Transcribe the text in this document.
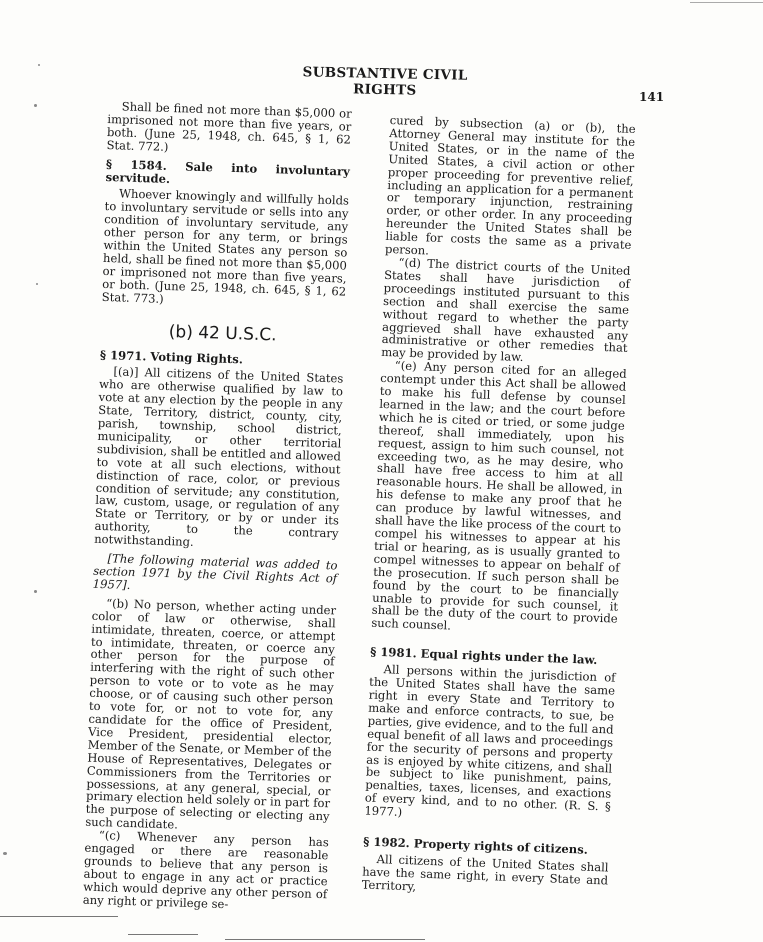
SUBSTANTIVE CIVIL RIGHTS	141

Shall be fined not more than $5,000 or imprisoned not more than five years, or both. (June 25, 1948, ch. 645, § 1, 62 Stat. 772.)

§ 1584. Sale into involuntary servitude.

Whoever knowingly and willfully holds to involuntary servitude or sells into any condition of involuntary servitude, any other person for any term, or brings within the United States any person so held, shall be fined not more than $5,000 or imprisoned not more than five years, or both. (June 25, 1948, ch. 645, § 1, 62 Stat. 773.)

(b) 42 U.S.C.

§ 1971. Voting Rights.

[(a)] All citizens of the United States who are otherwise qualified by law to vote at any election by the people in any State, Territory, district, county, city, parish, township, school district, municipality, or other territorial subdivision, shall be entitled and allowed to vote at all such elections, without distinction of race, color, or previous condition of servitude; any constitution, law, custom, usage, or regulation of any State or Territory, or by or under its authority, to the contrary notwithstanding.

[The following material was added to section 1971 by the Civil Rights Act of 1957].

“(b) No person, whether acting under color of law or otherwise, shall intimidate, threaten, coerce, or attempt to intimidate, threaten, or coerce any other person for the purpose of interfering with the right of such other person to vote or to vote as he may choose, or of causing such other person to vote for, or not to vote for, any candidate for the office of President, Vice President, presidential elector, Member of the Senate, or Member of the House of Representatives, Delegates or Commissioners from the Territories or possessions, at any general, special, or primary election held solely or in part for the purpose of selecting or electing any such candidate.

“(c) Whenever any person has engaged or there are reasonable grounds to believe that any person is about to engage in any act or practice which would deprive any other person of any right or privilege se-

cured by subsection (a) or (b), the Attorney General may institute for the United States, or in the name of the United States, a civil action or other proper proceeding for preventive relief, including an application for a permanent or temporary injunction, restraining order, or other order. In any proceeding hereunder the United States shall be liable for costs the same as a private person.

“(d) The district courts of the United States shall have jurisdiction of proceedings instituted pursuant to this section and shall exercise the same without regard to whether the party aggrieved shall have exhausted any administrative or other remedies that may be provided by law.

“(e) Any person cited for an alleged contempt under this Act shall be allowed to make his full defense by counsel learned in the law; and the court before which he is cited or tried, or some judge thereof, shall immediately, upon his request, assign to him such counsel, not exceeding two, as he may desire, who shall have free access to him at all reasonable hours. He shall be allowed, in his defense to make any proof that he can produce by lawful witnesses, and shall have the like process of the court to compel his witnesses to appear at his trial or hearing, as is usually granted to compel witnesses to appear on behalf of the prosecution. If such person shall be found by the court to be financially unable to provide for such counsel, it shall be the duty of the court to provide such counsel.

§ 1981. Equal rights under the law.

All persons within the jurisdiction of the United States shall have the same right in every State and Territory to make and enforce contracts, to sue, be parties, give evidence, and to the full and equal benefit of all laws and proceedings for the security of persons and property as is enjoyed by white citizens, and shall be subject to like punishment, pains, penalties, taxes, licenses, and exactions of every kind, and to no other. (R. S. § 1977.)

§ 1982. Property rights of citizens.

All citizens of the United States shall have the same right, in every State and Territory,
